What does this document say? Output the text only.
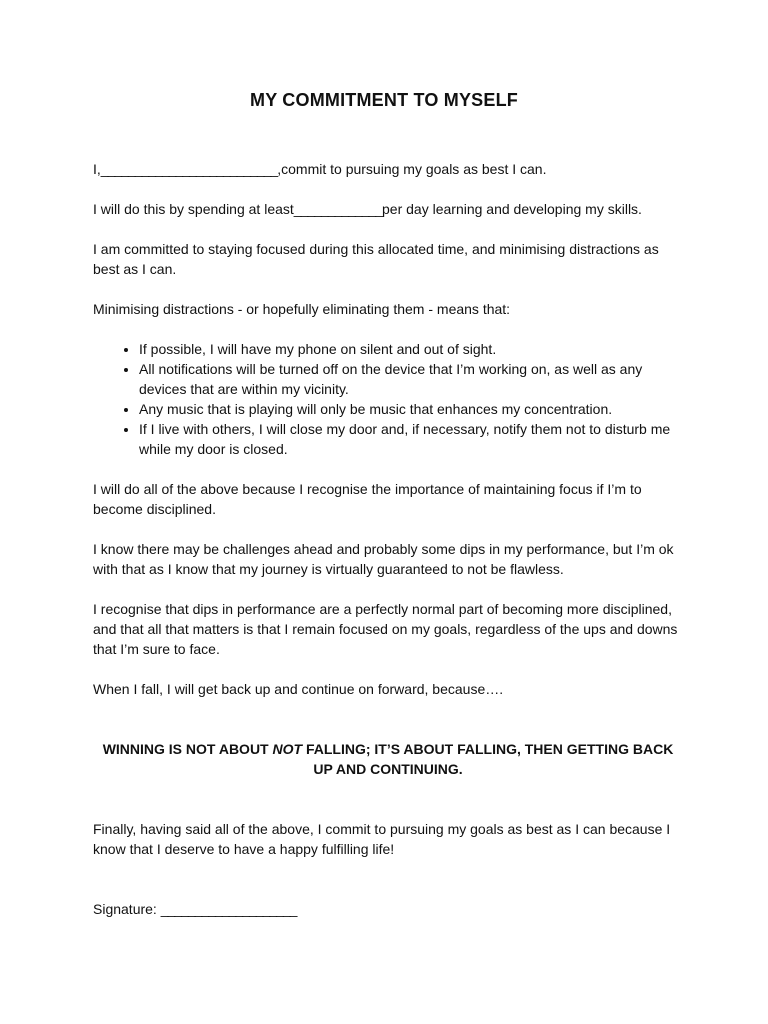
MY COMMITMENT TO MYSELF

I,__________________________,commit to pursuing my goals as best I can.

I will do this by spending at least_____________per day learning and developing my skills.

I am committed to staying focused during this allocated time, and minimising distractions as best as I can.

Minimising distractions - or hopefully eliminating them - means that:

• If possible, I will have my phone on silent and out of sight.
• All notifications will be turned off on the device that I’m working on, as well as any devices that are within my vicinity.
• Any music that is playing will only be music that enhances my concentration.
• If I live with others, I will close my door and, if necessary, notify them not to disturb me while my door is closed.

I will do all of the above because I recognise the importance of maintaining focus if I’m to become disciplined.

I know there may be challenges ahead and probably some dips in my performance, but I’m ok with that as I know that my journey is virtually guaranteed to not be flawless.

I recognise that dips in performance are a perfectly normal part of becoming more disciplined, and that all that matters is that I remain focused on my goals, regardless of the ups and downs that I’m sure to face.

When I fall, I will get back up and continue on forward, because….

WINNING IS NOT ABOUT NOT FALLING; IT’S ABOUT FALLING, THEN GETTING BACK UP AND CONTINUING.

Finally, having said all of the above, I commit to pursuing my goals as best as I can because I know that I deserve to have a happy fulfilling life!

Signature: ____________________
